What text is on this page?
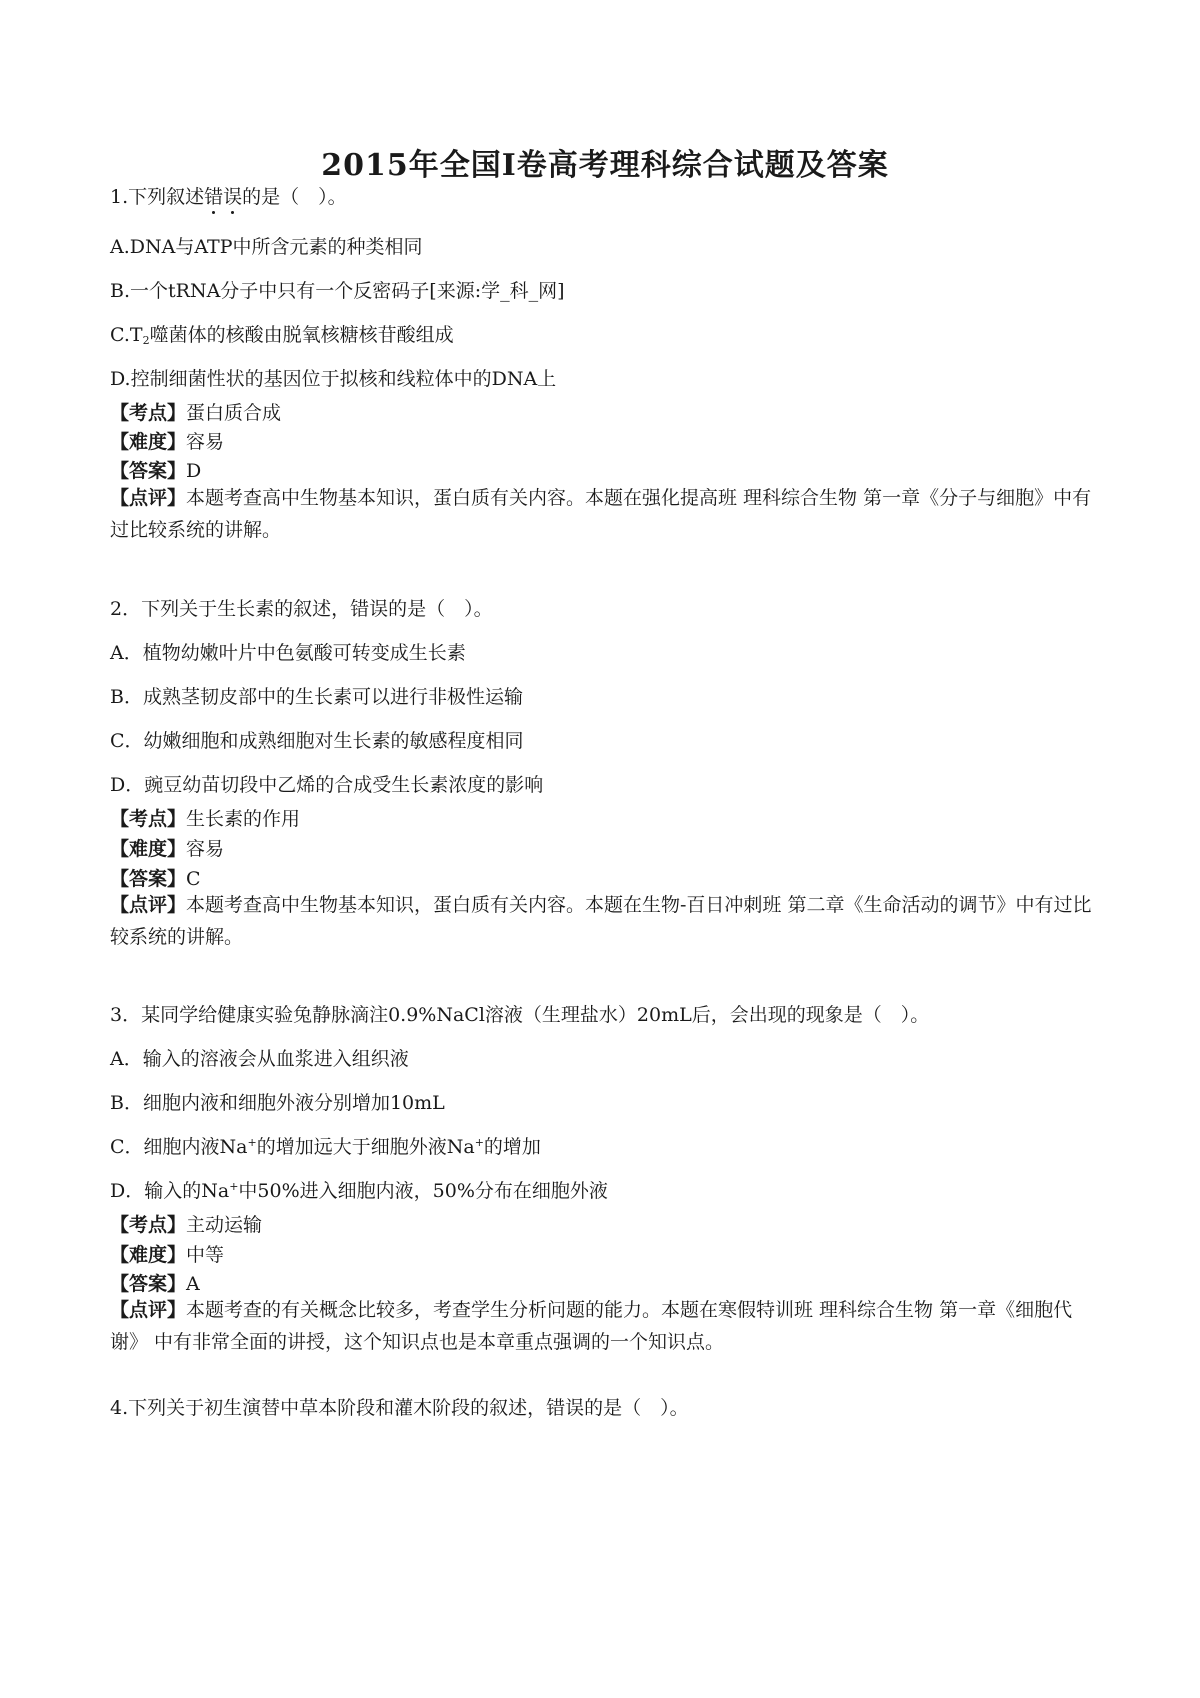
2015年全国Ⅰ卷高考理科综合试题及答案
1.下列叙述错误的是（　）。
A.DNA与ATP中所含元素的种类相同
B.一个tRNA分子中只有一个反密码子[来源:学_科_网]
$C.T_2$噬菌体的核酸由脱氧核糖核苷酸组成
D.控制细菌性状的基因位于拟核和线粒体中的DNA上
【考点】蛋白质合成
【难度】容易
【答案】D
【点评】本题考查高中生物基本知识，蛋白质有关内容。本题在强化提高班 理科综合生物 第一章《分子与细胞》中有过比较系统的讲解。
2．下列关于生长素的叙述，错误的是（　）。
A．植物幼嫩叶片中色氨酸可转变成生长素
B．成熟茎韧皮部中的生长素可以进行非极性运输
C．幼嫩细胞和成熟细胞对生长素的敏感程度相同
D．豌豆幼苗切段中乙烯的合成受生长素浓度的影响
【考点】生长素的作用
【难度】容易
【答案】C
【点评】本题考查高中生物基本知识，蛋白质有关内容。本题在生物-百日冲刺班 第二章《生命活动的调节》中有过比较系统的讲解。
3．某同学给健康实验兔静脉滴注0.9%NaCl溶液（生理盐水）20mL后，会出现的现象是（　）。
A．输入的溶液会从血浆进入组织液
B．细胞内液和细胞外液分别增加10mL
C．细胞内液Na+的增加远大于细胞外液Na+的增加
D．输入的Na+中50%进入细胞内液，50%分布在细胞外液
【考点】主动运输
【难度】中等
【答案】A
【点评】本题考查的有关概念比较多，考查学生分析问题的能力。本题在寒假特训班 理科综合生物 第一章《细胞代谢》 中有非常全面的讲授，这个知识点也是本章重点强调的一个知识点。
4.下列关于初生演替中草本阶段和灌木阶段的叙述，错误的是（　）。
